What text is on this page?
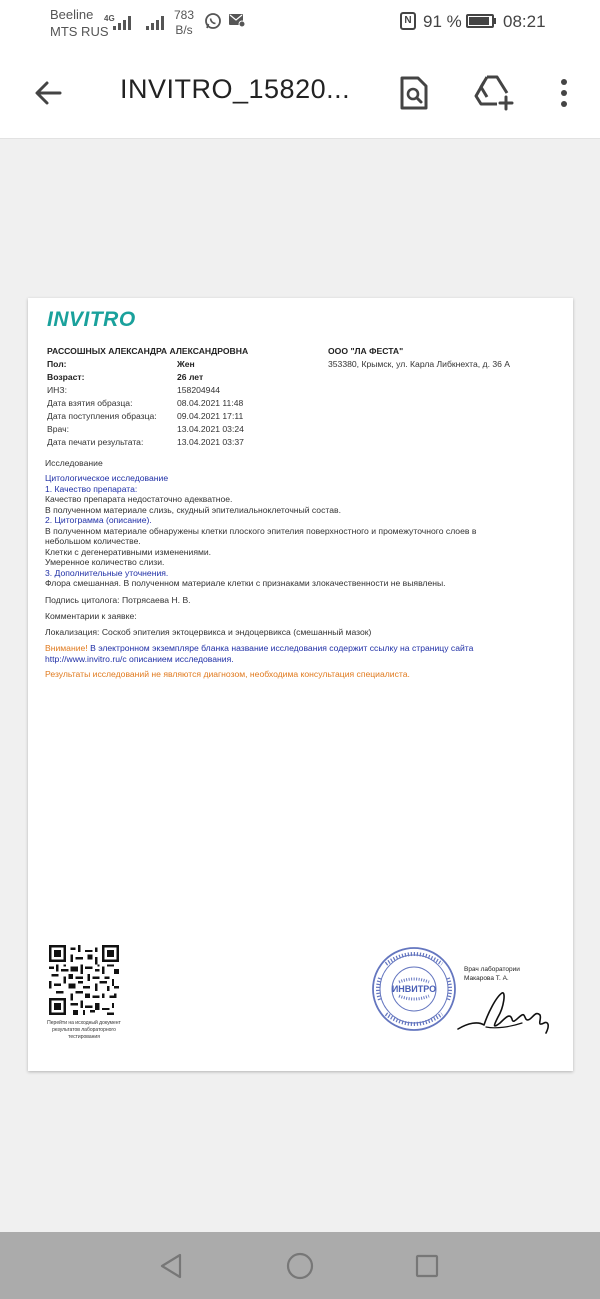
Beeline
MTS RUS
4G	783
B/s
N 91 % 08:21
INVITRO_15820...
INVITRO
РАССОШНЫХ АЛЕКСАНДРА АЛЕКСАНДРОВНА	ООО "ЛА ФЕСТА"
353380, Крымск, ул. Карла Либкнехта, д. 36 А
Пол:	Жен
Возраст:	26 лет
ИНЗ:	158204944
Дата взятия образца:	08.04.2021 11:48
Дата поступления образца: 09.04.2021 17:11
Врач:	13.04.2021 03:24
Дата печати результата:	13.04.2021 03:37
Исследование
Цитологическое исследование
1. Качество препарата:
Качество препарата недостаточно адекватное.
В полученном материале слизь, скудный эпителиальноклеточный состав.
2. Цитограмма (описание).
В полученном материале обнаружены клетки плоского эпителия поверхностного и промежуточного слоев в
небольшом количестве.
Клетки с дегенеративными изменениями.
Умеренное количество слизи.
3. Дополнительные уточнения.
Флора смешанная. В полученном материале клетки с признаками злокачественности не выявлены.
Подпись цитолога: Потрясаева Н. В.
Комментарии к заявке:
Локализация: Соскоб эпителия эктоцервикса и эндоцервикса (смешанный мазок)
Внимание! В электронном экземпляре бланка название исследования содержит ссылку на страницу сайта
http://www.invitro.ru/с описанием исследования.
Результаты исследований не являются диагнозом, необходима консультация специалиста.
Перейти на исходный документ результатов лабораторного тестирования
ИНВИТРО
Врач лаборатории
Макарова Т. А.
